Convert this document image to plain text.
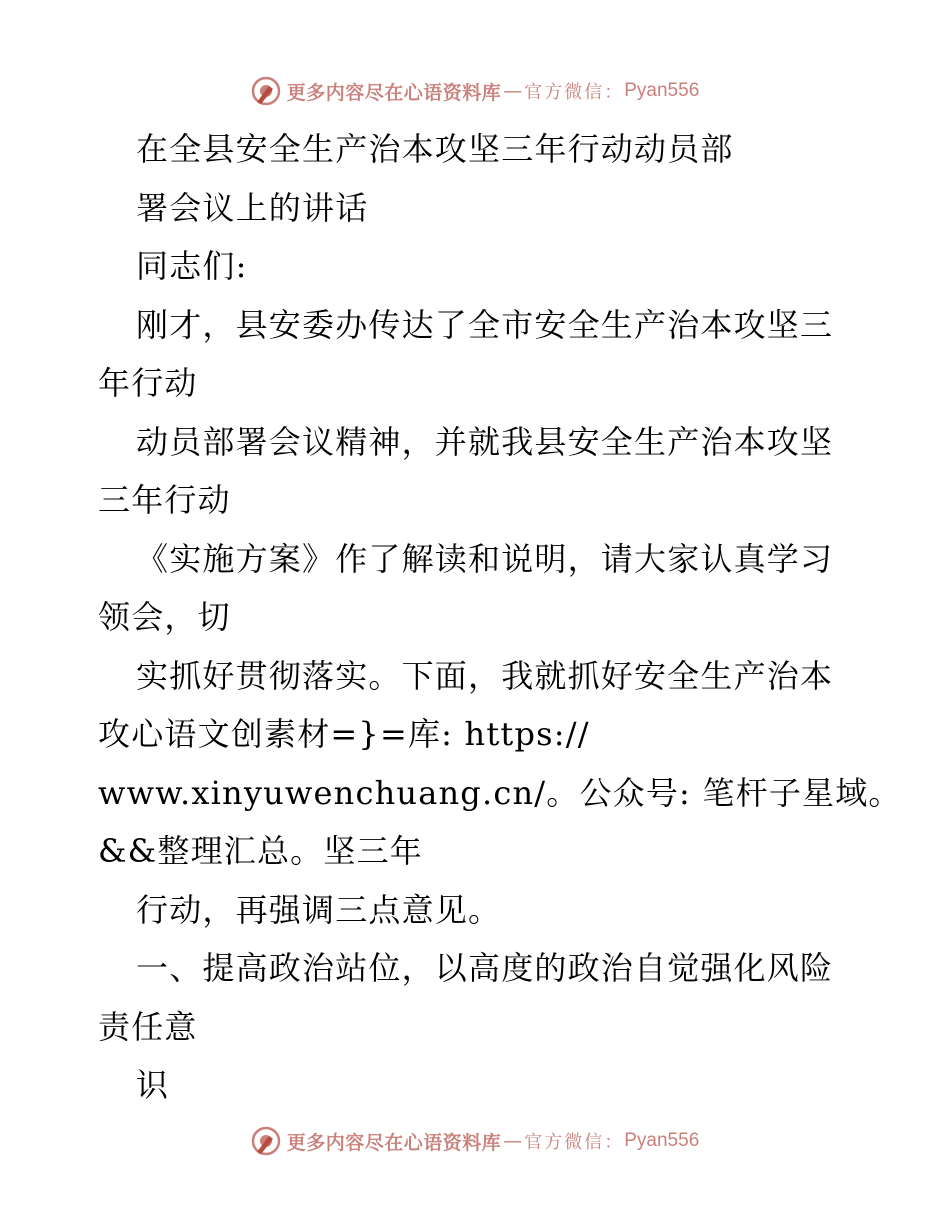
更多内容尽在心语资料库 — 官方微信： Pyan556
在全县安全生产治本攻坚三年行动动员部
署会议上的讲话
同志们:
刚才，县安委办传达了全市安全生产治本攻坚三
年行动
动员部署会议精神，并就我县安全生产治本攻坚
三年行动
《实施方案》作了解读和说明，请大家认真学习
领会，切
实抓好贯彻落实。下面，我就抓好安全生产治本
攻心语文创素材=}=库: https://
www.xinyuwenchuang.cn/。公众号: 笔杆子星域。
&&整理汇总。坚三年
行动，再强调三点意见。
一、提高政治站位，以高度的政治自觉强化风险
责任意
识
更多内容尽在心语资料库 — 官方微信： Pyan556
